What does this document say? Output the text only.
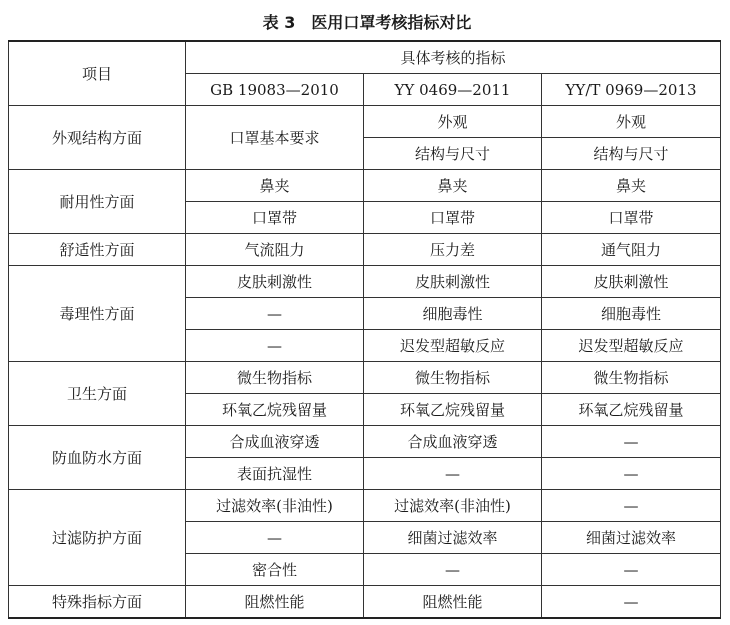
表 3 医用口罩考核指标对比
项目	具体考核的指标		
	GB 19083—2010	YY 0469—2011	YY/T 0969—2013
外观结构方面	口罩基本要求	外观	外观
		结构与尺寸	结构与尺寸
耐用性方面	鼻夹	鼻夹	鼻夹
	口罩带	口罩带	口罩带
舒适性方面	气流阻力	压力差	通气阻力
毒理性方面	皮肤刺激性	皮肤刺激性	皮肤刺激性
	—	细胞毒性	细胞毒性
	—	迟发型超敏反应	迟发型超敏反应
卫生方面	微生物指标	微生物指标	微生物指标
	环氧乙烷残留量	环氧乙烷残留量	环氧乙烷残留量
防血防水方面	合成血液穿透	合成血液穿透	—
	表面抗湿性	—	—
过滤防护方面	过滤效率(非油性)	过滤效率(非油性)	—
	—	细菌过滤效率	细菌过滤效率
	密合性	—	—
特殊指标方面	阻燃性能	阻燃性能	—
